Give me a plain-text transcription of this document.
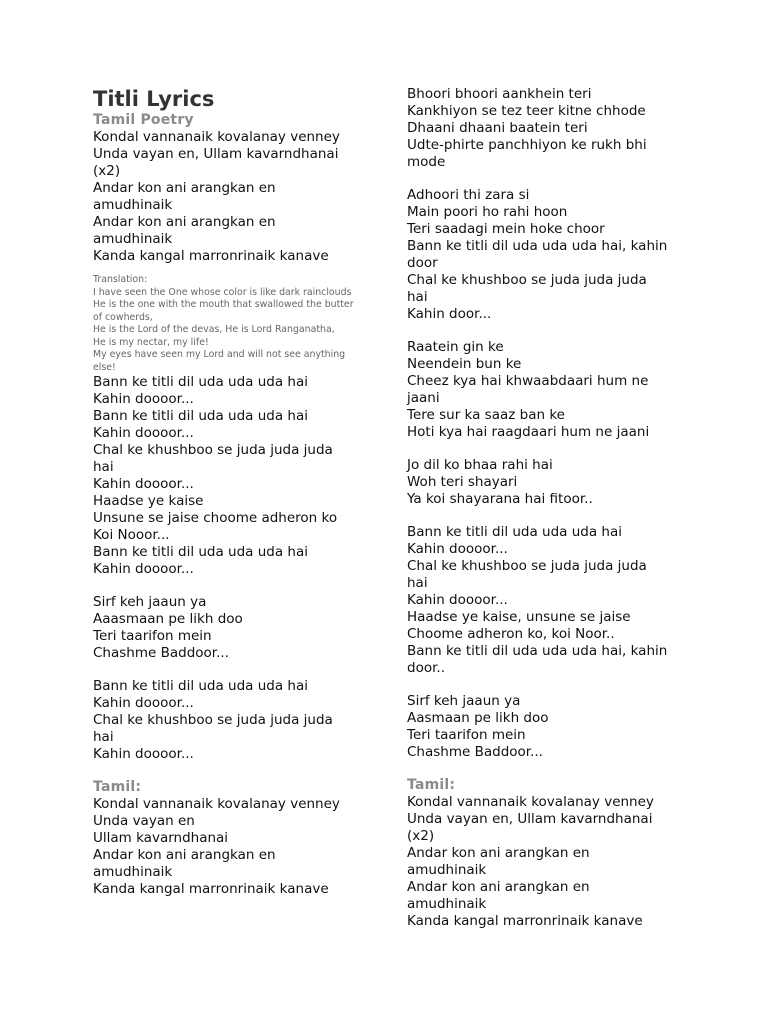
Titli Lyrics
Tamil Poetry
Kondal vannanaik kovalanay venney
Unda vayan en, Ullam kavarndhanai
(x2)
Andar kon ani arangkan en
amudhinaik
Andar kon ani arangkan en
amudhinaik
Kanda kangal marronrinaik kanave
Translation:
I have seen the One whose color is like dark rainclouds
He is the one with the mouth that swallowed the butter
of cowherds,
He is the Lord of the devas, He is Lord Ranganatha,
He is my nectar, my life!
My eyes have seen my Lord and will not see anything
else!
Bann ke titli dil uda uda uda hai
Kahin doooor...
Bann ke titli dil uda uda uda hai
Kahin doooor...
Chal ke khushboo se juda juda juda
hai
Kahin doooor...
Haadse ye kaise
Unsune se jaise choome adheron ko
Koi Nooor...
Bann ke titli dil uda uda uda hai
Kahin doooor...
Sirf keh jaaun ya
Aaasmaan pe likh doo
Teri taarifon mein
Chashme Baddoor...
Bann ke titli dil uda uda uda hai
Kahin doooor...
Chal ke khushboo se juda juda juda
hai
Kahin doooor...
Tamil:
Kondal vannanaik kovalanay venney
Unda vayan en
Ullam kavarndhanai
Andar kon ani arangkan en
amudhinaik
Kanda kangal marronrinaik kanave
Bhoori bhoori aankhein teri
Kankhiyon se tez teer kitne chhode
Dhaani dhaani baatein teri
Udte-phirte panchhiyon ke rukh bhi
mode
Adhoori thi zara si
Main poori ho rahi hoon
Teri saadagi mein hoke choor
Bann ke titli dil uda uda uda hai, kahin
door
Chal ke khushboo se juda juda juda
hai
Kahin door...
Raatein gin ke
Neendein bun ke
Cheez kya hai khwaabdaari hum ne
jaani
Tere sur ka saaz ban ke
Hoti kya hai raagdaari hum ne jaani
Jo dil ko bhaa rahi hai
Woh teri shayari
Ya koi shayarana hai fitoor..
Bann ke titli dil uda uda uda hai
Kahin doooor...
Chal ke khushboo se juda juda juda
hai
Kahin doooor...
Haadse ye kaise, unsune se jaise
Choome adheron ko, koi Noor..
Bann ke titli dil uda uda uda hai, kahin
door..
Sirf keh jaaun ya
Aasmaan pe likh doo
Teri taarifon mein
Chashme Baddoor...
Tamil:
Kondal vannanaik kovalanay venney
Unda vayan en, Ullam kavarndhanai
(x2)
Andar kon ani arangkan en
amudhinaik
Andar kon ani arangkan en
amudhinaik
Kanda kangal marronrinaik kanave
